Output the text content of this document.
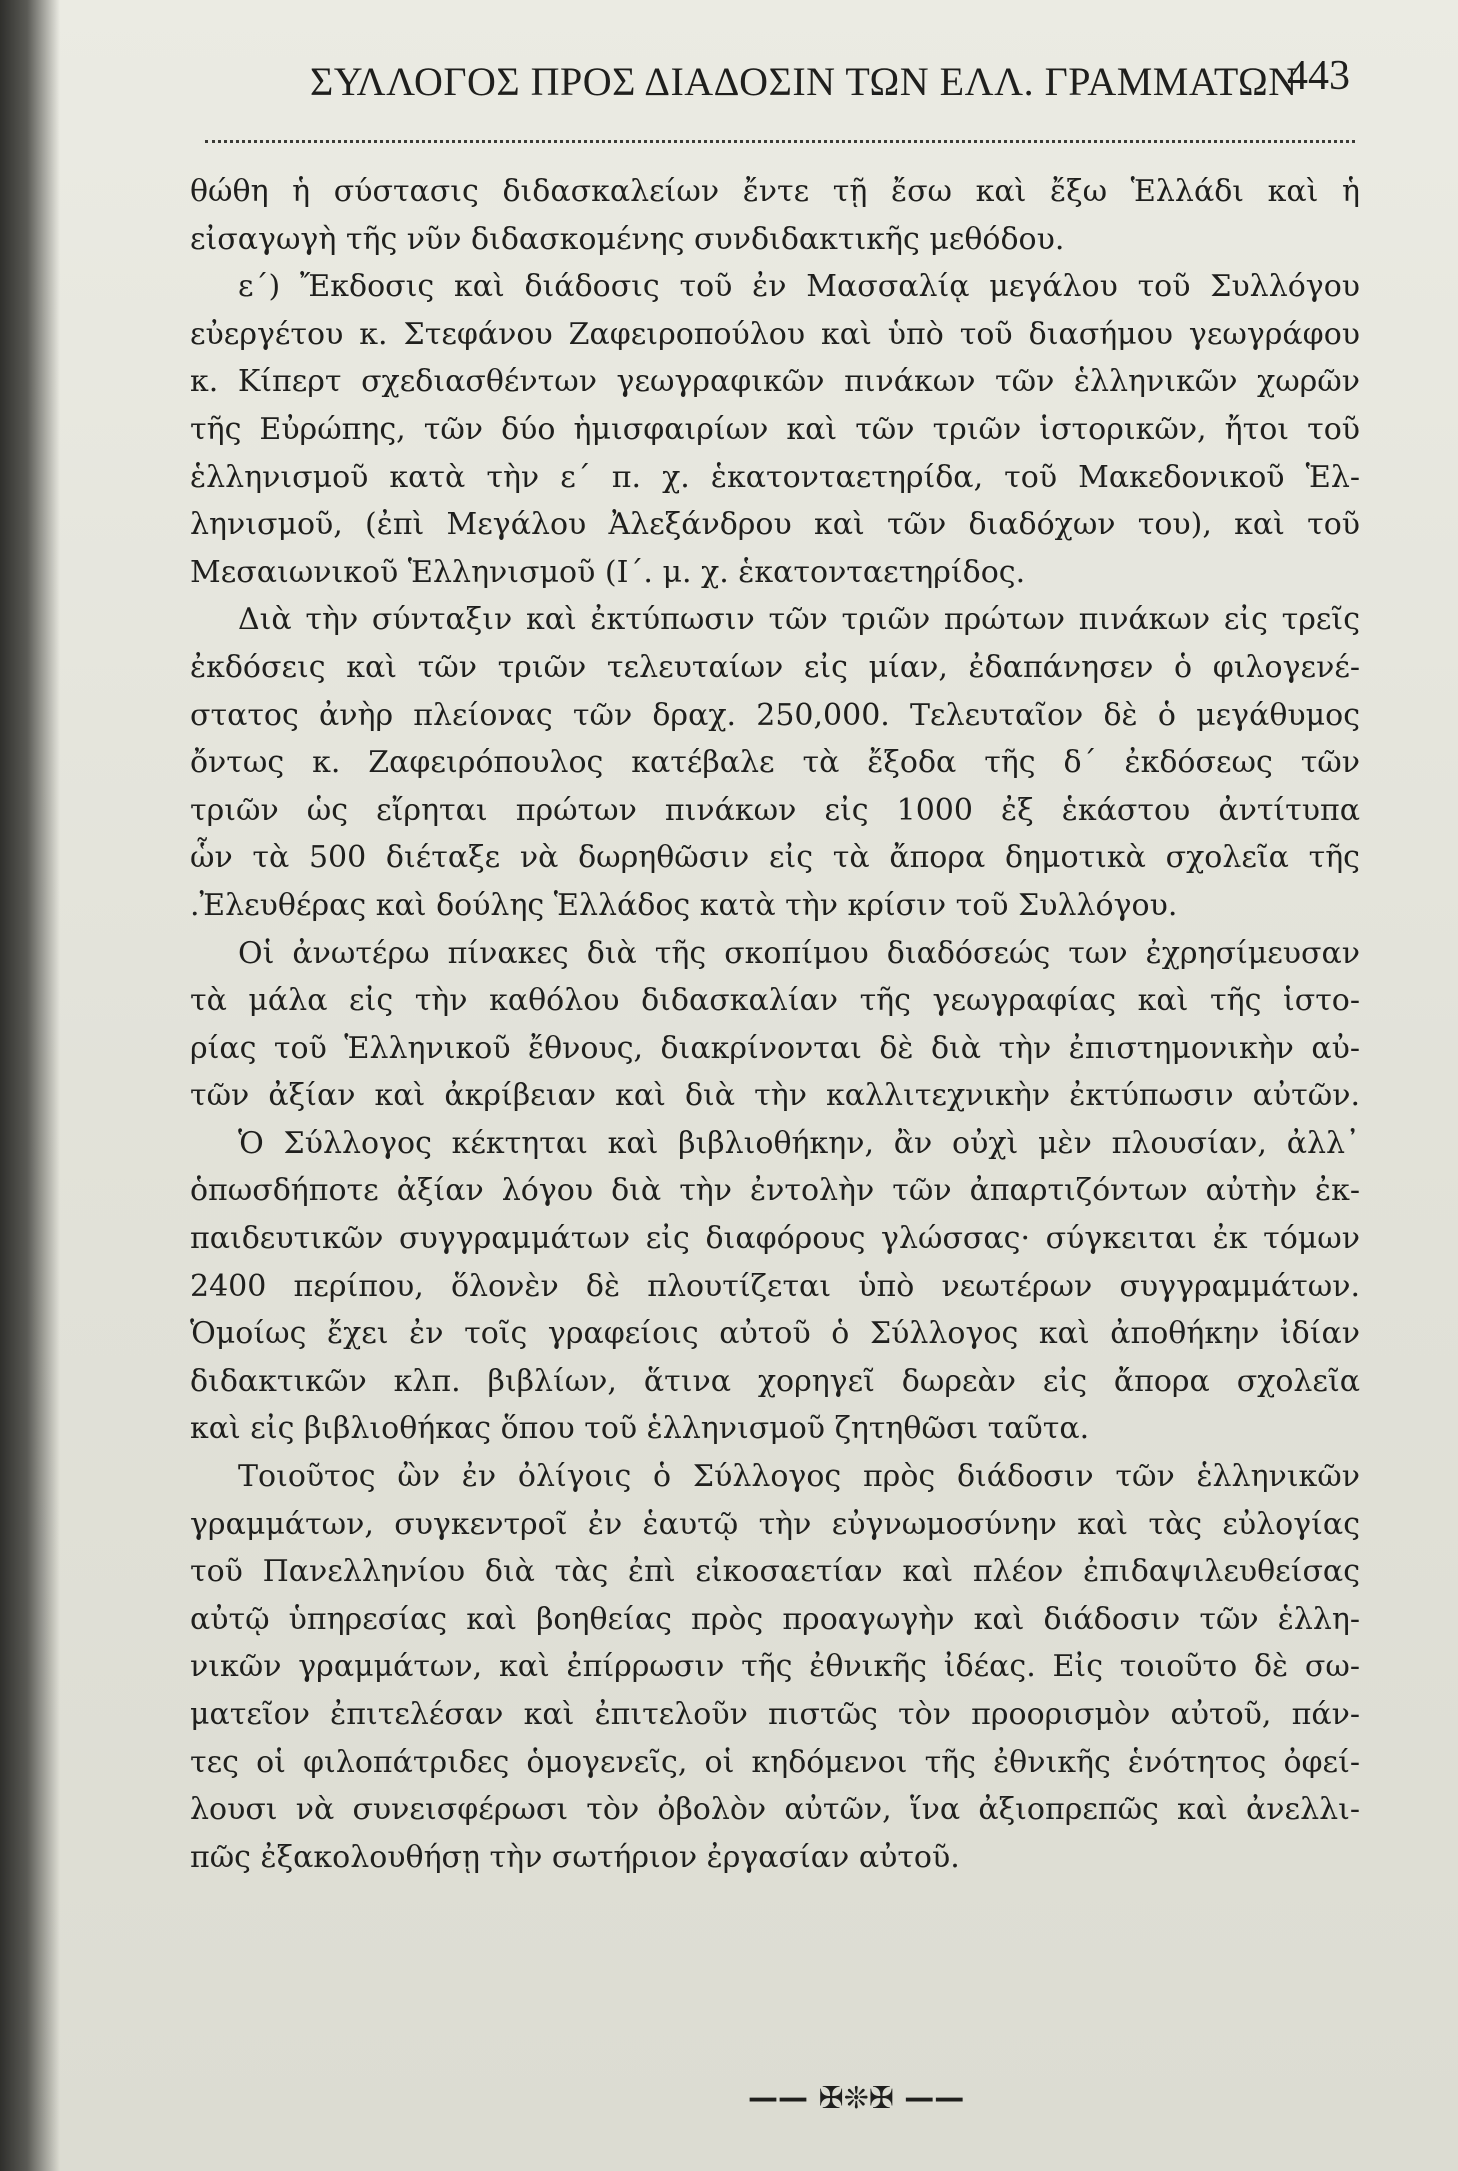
ΣΥΛΛΟΓΟΣ ΠΡΟΣ ΔΙΑΔΟΣΙΝ ΤΩΝ ΕΛΛ. ΓΡΑΜΜΑΤΩΝ
443
θώθη ἡ σύστασις διδασκαλείων ἔντε τῇ ἔσω καὶ ἔξω Ἑλλάδι καὶ ἡ
εἰσαγωγὴ τῆς νῦν διδασκομένης συνδιδακτικῆς μεθόδου.
ε´) Ἔκδοσις καὶ διάδοσις τοῦ ἐν Μασσαλίᾳ μεγάλου τοῦ Συλλόγου
εὐεργέτου κ. Στεφάνου Ζαφειροπούλου καὶ ὑπὸ τοῦ διασήμου γεωγράφου
κ. Κίπερτ σχεδιασθέντων γεωγραφικῶν πινάκων τῶν ἑλληνικῶν χωρῶν
τῆς Εὐρώπης, τῶν δύο ἡμισφαιρίων καὶ τῶν τριῶν ἱστορικῶν, ἤτοι τοῦ
ἑλληνισμοῦ κατὰ τὴν ε´ π. χ. ἑκατονταετηρίδα, τοῦ Μακεδονικοῦ Ἑλ-
ληνισμοῦ, (ἐπὶ Μεγάλου Ἀλεξάνδρου καὶ τῶν διαδόχων του), καὶ τοῦ
Μεσαιωνικοῦ Ἑλληνισμοῦ (Ι´. μ. χ. ἑκατονταετηρίδος.
Διὰ τὴν σύνταξιν καὶ ἐκτύπωσιν τῶν τριῶν πρώτων πινάκων εἰς τρεῖς
ἐκδόσεις καὶ τῶν τριῶν τελευταίων εἰς μίαν, ἐδαπάνησεν ὁ φιλογενέ-
στατος ἀνὴρ πλείονας τῶν δραχ. 250,000. Τελευταῖον δὲ ὁ μεγάθυμος
ὄντως κ. Ζαφειρόπουλος κατέβαλε τὰ ἔξοδα τῆς δ´ ἐκδόσεως τῶν
τριῶν ὡς εἴρηται πρώτων πινάκων εἰς 1000 ἐξ ἑκάστου ἀντίτυπα
ὧν τὰ 500 διέταξε νὰ δωρηθῶσιν εἰς τὰ ἄπορα δημοτικὰ σχολεῖα τῆς
.Ἐλευθέρας καὶ δούλης Ἑλλάδος κατὰ τὴν κρίσιν τοῦ Συλλόγου.
Οἱ ἀνωτέρω πίνακες διὰ τῆς σκοπίμου διαδόσεώς των ἐχρησίμευσαν
τὰ μάλα εἰς τὴν καθόλου διδασκαλίαν τῆς γεωγραφίας καὶ τῆς ἱστο-
ρίας τοῦ Ἑλληνικοῦ ἔθνους, διακρίνονται δὲ διὰ τὴν ἐπιστημονικὴν αὐ-
τῶν ἀξίαν καὶ ἀκρίβειαν καὶ διὰ τὴν καλλιτεχνικὴν ἐκτύπωσιν αὐτῶν.
Ὁ Σύλλογος κέκτηται καὶ βιβλιοθήκην, ἂν οὐχὶ μὲν πλουσίαν, ἀλλ᾽
ὁπωσδήποτε ἀξίαν λόγου διὰ τὴν ἐντολὴν τῶν ἀπαρτιζόντων αὐτὴν ἐκ-
παιδευτικῶν συγγραμμάτων εἰς διαφόρους γλώσσας· σύγκειται ἐκ τόμων
2400 περίπου, ὅλονὲν δὲ πλουτίζεται ὑπὸ νεωτέρων συγγραμμάτων.
Ὁμοίως ἔχει ἐν τοῖς γραφείοις αὐτοῦ ὁ Σύλλογος καὶ ἀποθήκην ἰδίαν
διδακτικῶν κλπ. βιβλίων, ἅτινα χορηγεῖ δωρεὰν εἰς ἄπορα σχολεῖα
καὶ εἰς βιβλιοθήκας ὅπου τοῦ ἑλληνισμοῦ ζητηθῶσι ταῦτα.
Τοιοῦτος ὢν ἐν ὀλίγοις ὁ Σύλλογος πρὸς διάδοσιν τῶν ἑλληνικῶν
γραμμάτων, συγκεντροῖ ἐν ἑαυτῷ τὴν εὐγνωμοσύνην καὶ τὰς εὐλογίας
τοῦ Πανελληνίου διὰ τὰς ἐπὶ εἰκοσαετίαν καὶ πλέον ἐπιδαψιλευθείσας
αὐτῷ ὑπηρεσίας καὶ βοηθείας πρὸς προαγωγὴν καὶ διάδοσιν τῶν ἑλλη-
νικῶν γραμμάτων, καὶ ἐπίρρωσιν τῆς ἐθνικῆς ἰδέας. Εἰς τοιοῦτο δὲ σω-
ματεῖον ἐπιτελέσαν καὶ ἐπιτελοῦν πιστῶς τὸν προορισμὸν αὐτοῦ, πάν-
τες οἱ φιλοπάτριδες ὁμογενεῖς, οἱ κηδόμενοι τῆς ἐθνικῆς ἑνότητος ὀφεί-
λουσι νὰ συνεισφέρωσι τὸν ὀβολὸν αὐτῶν, ἵνα ἀξιοπρεπῶς καὶ ἀνελλι-
πῶς ἐξακολουθήσῃ τὴν σωτήριον ἐργασίαν αὐτοῦ.
—— ✠❊✠ ——
